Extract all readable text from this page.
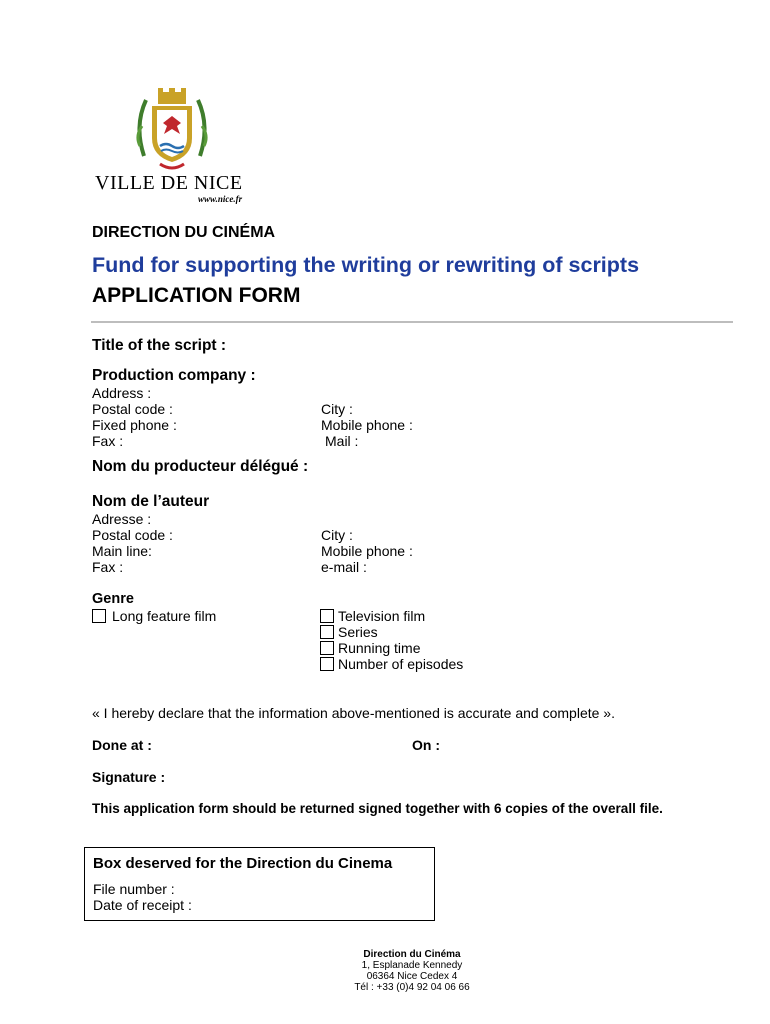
VILLE DE NICE
www.nice.fr
DIRECTION DU CINÉMA
Fund for supporting the writing or rewriting of scripts
APPLICATION FORM
Title of the script :
Production company :
Address :
Postal code :	City :
Fixed phone :	Mobile phone :
Fax :	Mail :
Nom du producteur délégué :
Nom de l’auteur
Adresse :
Postal code :	City :
Main line:	Mobile phone :
Fax :	e-mail :
Genre
Long feature film	Television film
Series
Running time
Number of episodes
« I hereby declare that the information above-mentioned is accurate and complete ».
Done at :	On :
Signature :
This application form should be returned signed together with 6 copies of the overall file.
Box deserved for the Direction du Cinema
File number :
Date of receipt :
Direction du Cinéma
1, Esplanade Kennedy
06364 Nice Cedex 4
Tél : +33 (0)4 92 04 06 66
